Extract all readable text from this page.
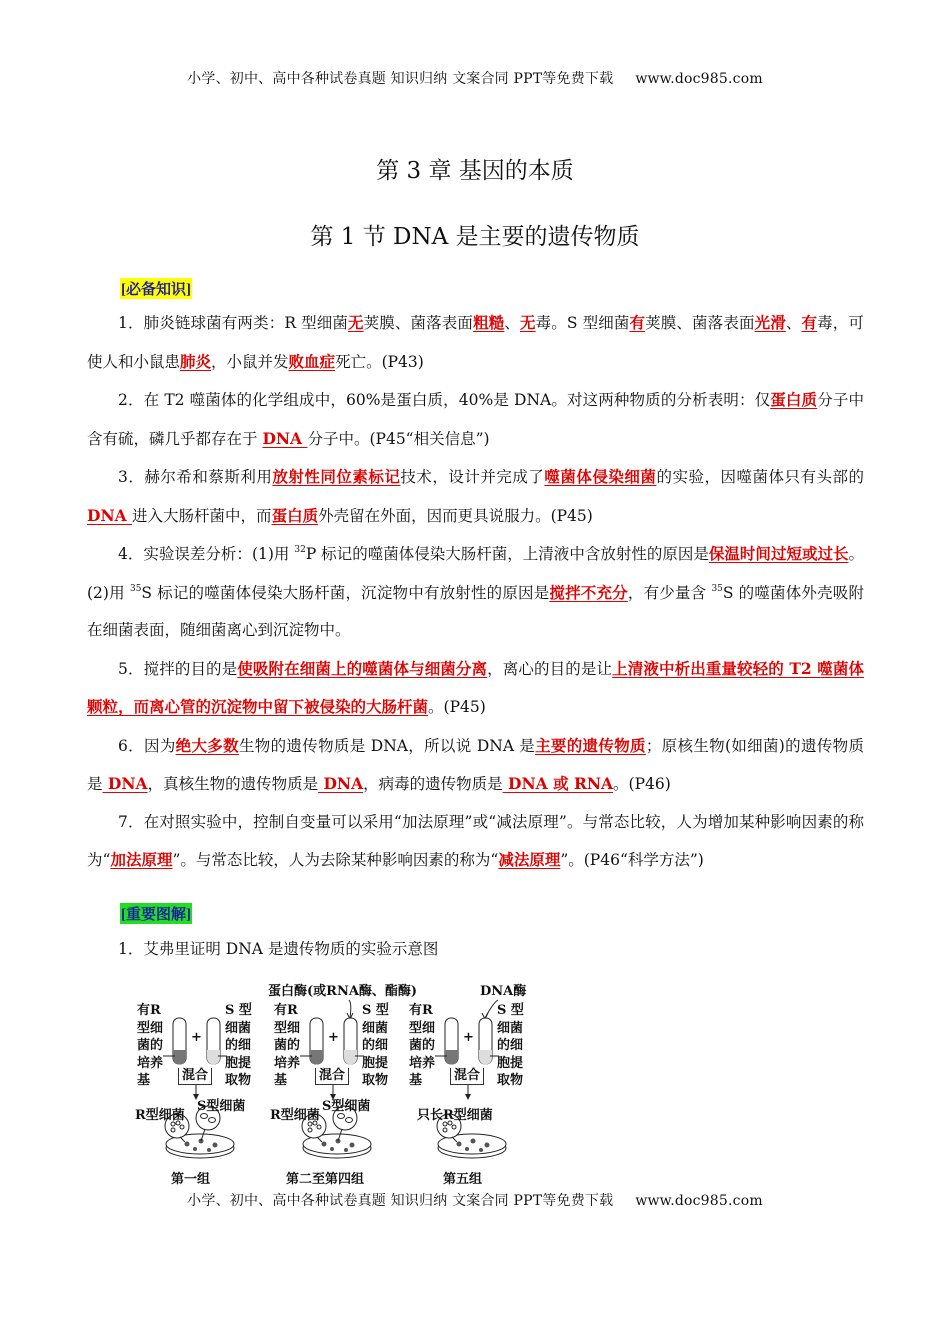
小学、初中、高中各种试卷真题 知识归纳 文案合同 PPT等免费下载 www.doc985.com
第 3 章 基因的本质
第 1 节 DNA 是主要的遗传物质
[必备知识]

1．肺炎链球菌有两类：R 型细菌无荚膜、菌落表面粗糙、无毒。S 型细菌有荚膜、菌落表面光滑、有毒，可使人和小鼠患肺炎，小鼠并发败血症死亡。(P43)

2．在 T2 噬菌体的化学组成中，60%是蛋白质，40%是 DNA。对这两种物质的分析表明：仅蛋白质分子中含有硫，磷几乎都存在于 DNA 分子中。(P45“相关信息”)

3．赫尔希和蔡斯利用放射性同位素标记技术，设计并完成了噬菌体侵染细菌的实验，因噬菌体只有头部的 DNA 进入大肠杆菌中，而蛋白质外壳留在外面，因而更具说服力。(P45)

4．实验误差分析：(1)用 $^{32}$P 标记的噬菌体侵染大肠杆菌，上清液中含放射性的原因是保温时间过短或过长。(2)用 $^{35}$S 标记的噬菌体侵染大肠杆菌，沉淀物中有放射性的原因是搅拌不充分，有少量含 $^{35}$S 的噬菌体外壳吸附在细菌表面，随细菌离心到沉淀物中。

5．搅拌的目的是使吸附在细菌上的噬菌体与细菌分离，离心的目的是让上清液中析出重量较轻的 T2 噬菌体颗粒，而离心管的沉淀物中留下被侵染的大肠杆菌。(P45)

6．因为绝大多数生物的遗传物质是 DNA，所以说 DNA 是主要的遗传物质；原核生物(如细菌)的遗传物质是 DNA，真核生物的遗传物质是 DNA，病毒的遗传物质是 DNA 或 RNA。(P46)

7．在对照实验中，控制自变量可以采用“加法原理”或“减法原理”。与常态比较，人为增加某种影响因素的称为“加法原理”。与常态比较，人为去除某种影响因素的称为“减法原理”。(P46“科学方法”)

[重要图解]
1．艾弗里证明 DNA 是遗传物质的实验示意图
蛋白酶(或RNA酶、酯酶)	DNA酶
有R型细菌的培养基
+
S 型细菌的细胞提取物
混合
S型细菌
R型细菌
第一组
有R型细菌的培养基
+
S 型细菌的细胞提取物
混合
S型细菌
R型细菌
第二至第四组
有R型细菌的培养基
+
S 型细菌的细胞提取物
混合
只长R型细菌
第五组
小学、初中、高中各种试卷真题 知识归纳 文案合同 PPT等免费下载 www.doc985.com
